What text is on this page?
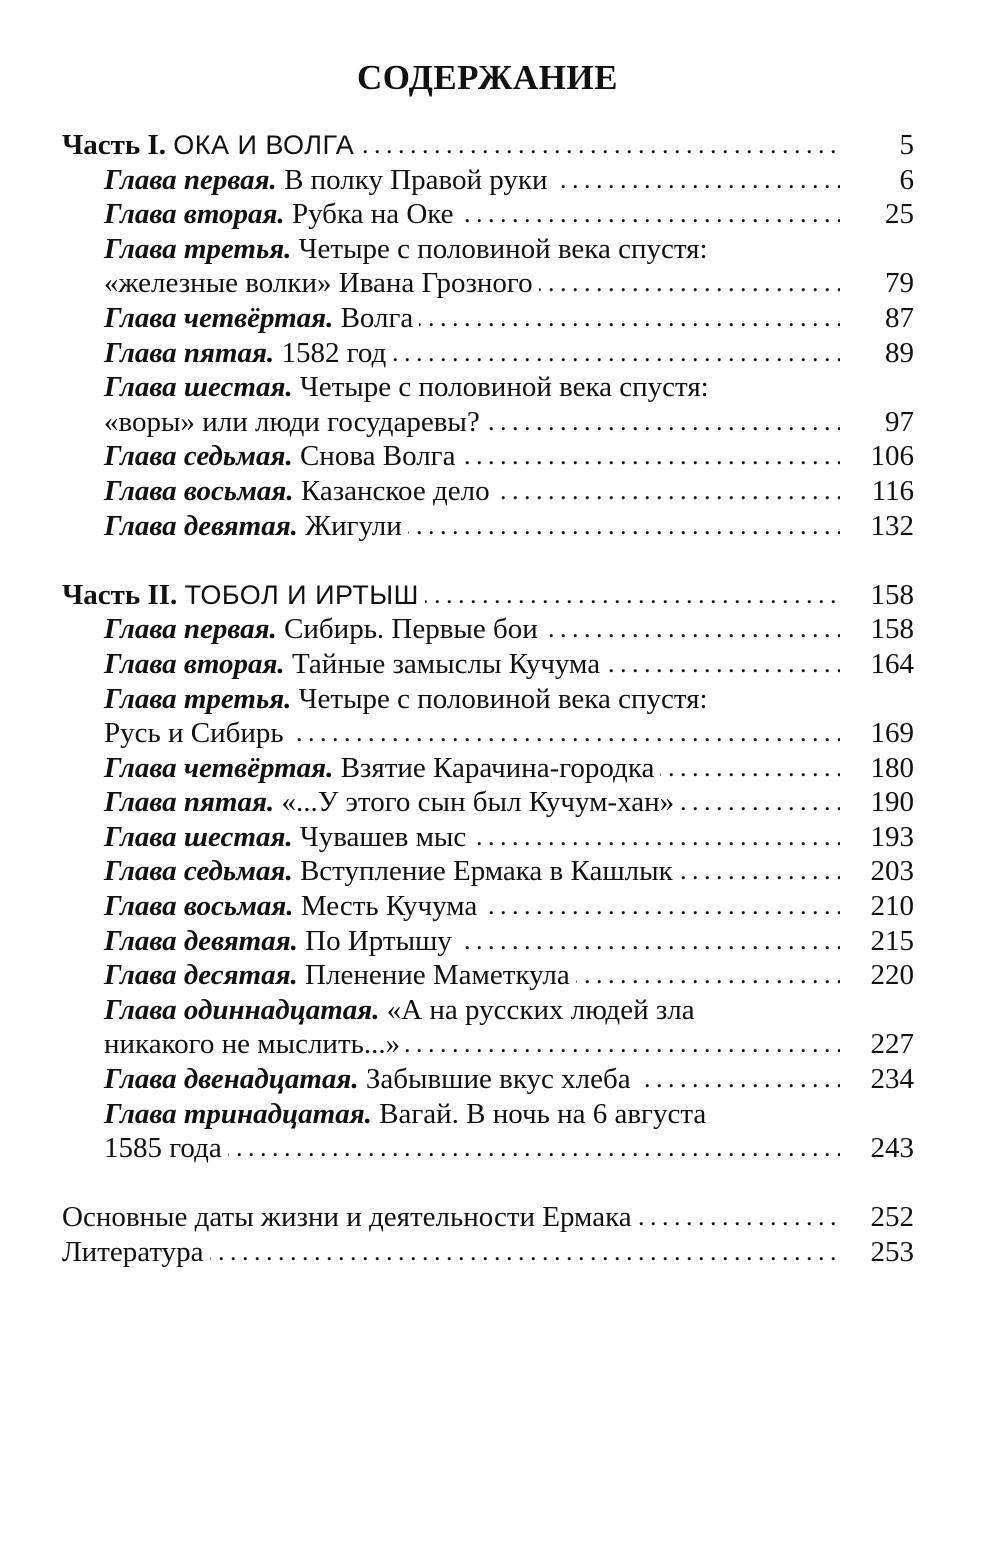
СОДЕРЖАНИЕ
Часть I. ОКА И ВОЛГА .....	5
Глава первая. В полку Правой руки .....	6
Глава вторая. Рубка на Оке .....	25
Глава третья. Четыре с половиной века спустя:
«железные волки» Ивана Грозного .....	79
Глава четвёртая. Волга .....	87
Глава пятая. 1582 год .....	89
Глава шестая. Четыре с половиной века спустя:
«воры» или люди государевы? .....	97
Глава седьмая. Снова Волга .....	106
Глава восьмая. Казанское дело .....	116
Глава девятая. Жигули .....	132
Часть II. ТОБОЛ И ИРТЫШ .....	158
Глава первая. Сибирь. Первые бои .....	158
Глава вторая. Тайные замыслы Кучума .....	164
Глава третья. Четыре с половиной века спустя:
Русь и Сибирь .....	169
Глава четвёртая. Взятие Карачина-городка .....	180
Глава пятая. «...У этого сын был Кучум-хан» .....	190
Глава шестая. Чувашев мыс .....	193
Глава седьмая. Вступление Ермака в Кашлык .....	203
Глава восьмая. Месть Кучума .....	210
Глава девятая. По Иртышу .....	215
Глава десятая. Пленение Маметкула .....	220
Глава одиннадцатая. «А на русских людей зла
никакого не мыслить...» .....	227
Глава двенадцатая. Забывшие вкус хлеба .....	234
Глава тринадцатая. Вагай. В ночь на 6 августа
1585 года .....	243
Основные даты жизни и деятельности Ермака .....	252
Литература .....	253
